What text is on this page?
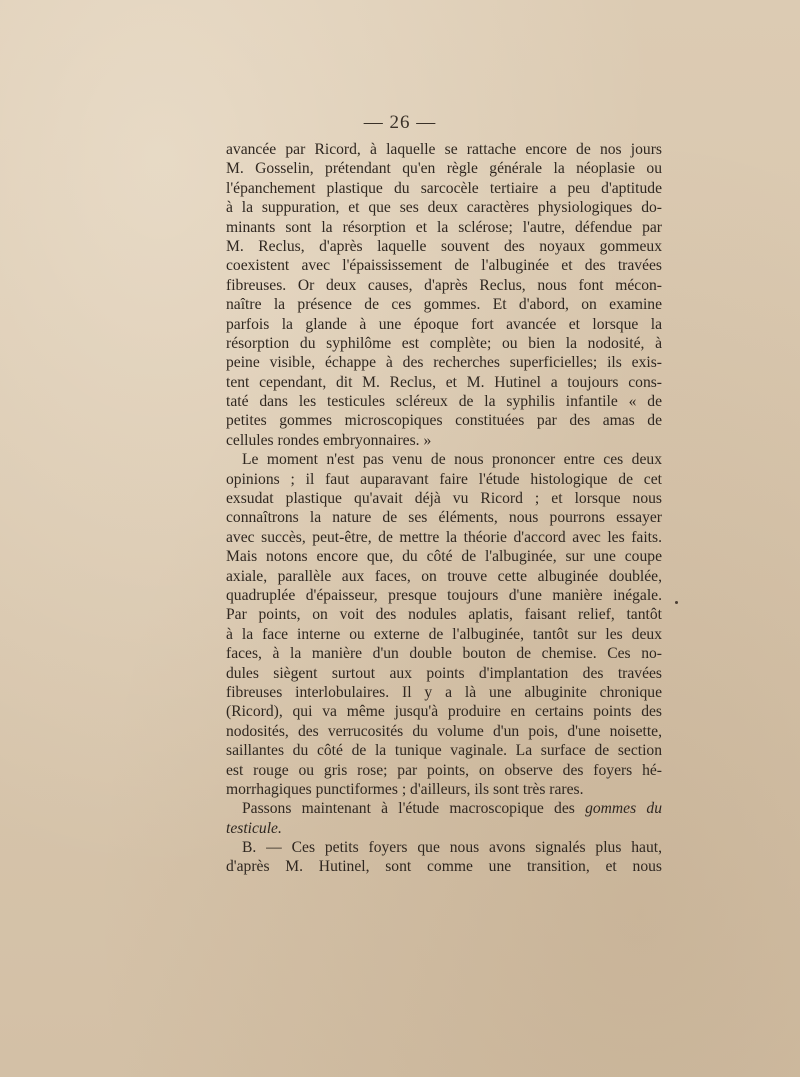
— 26 —
avancée par Ricord, à laquelle se rattache encore de nos jours
M. Gosselin, prétendant qu'en règle générale la néoplasie ou
l'épanchement plastique du sarcocèle tertiaire a peu d'aptitude
à la suppuration, et que ses deux caractères physiologiques do-
minants sont la résorption et la sclérose; l'autre, défendue par
M. Reclus, d'après laquelle souvent des noyaux gommeux
coexistent avec l'épaississement de l'albuginée et des travées
fibreuses. Or deux causes, d'après Reclus, nous font mécon-
naître la présence de ces gommes. Et d'abord, on examine
parfois la glande à une époque fort avancée et lorsque la
résorption du syphilôme est complète; ou bien la nodosité, à
peine visible, échappe à des recherches superficielles; ils exis-
tent cependant, dit M. Reclus, et M. Hutinel a toujours cons-
taté dans les testicules scléreux de la syphilis infantile « de
petites gommes microscopiques constituées par des amas de
cellules rondes embryonnaires. »
Le moment n'est pas venu de nous prononcer entre ces deux
opinions ; il faut auparavant faire l'étude histologique de cet
exsudat plastique qu'avait déjà vu Ricord ; et lorsque nous
connaîtrons la nature de ses éléments, nous pourrons essayer
avec succès, peut-être, de mettre la théorie d'accord avec les faits.
Mais notons encore que, du côté de l'albuginée, sur une coupe
axiale, parallèle aux faces, on trouve cette albuginée doublée,
quadruplée d'épaisseur, presque toujours d'une manière inégale.
Par points, on voit des nodules aplatis, faisant relief, tantôt
à la face interne ou externe de l'albuginée, tantôt sur les deux
faces, à la manière d'un double bouton de chemise. Ces no-
dules siègent surtout aux points d'implantation des travées
fibreuses interlobulaires. Il y a là une albuginite chronique
(Ricord), qui va même jusqu'à produire en certains points des
nodosités, des verrucosités du volume d'un pois, d'une noisette,
saillantes du côté de la tunique vaginale. La surface de section
est rouge ou gris rose; par points, on observe des foyers hé-
morrhagiques punctiformes ; d'ailleurs, ils sont très rares.
Passons maintenant à l'étude macroscopique des gommes du
testicule.
B. — Ces petits foyers que nous avons signalés plus haut,
d'après M. Hutinel, sont comme une transition, et nous
